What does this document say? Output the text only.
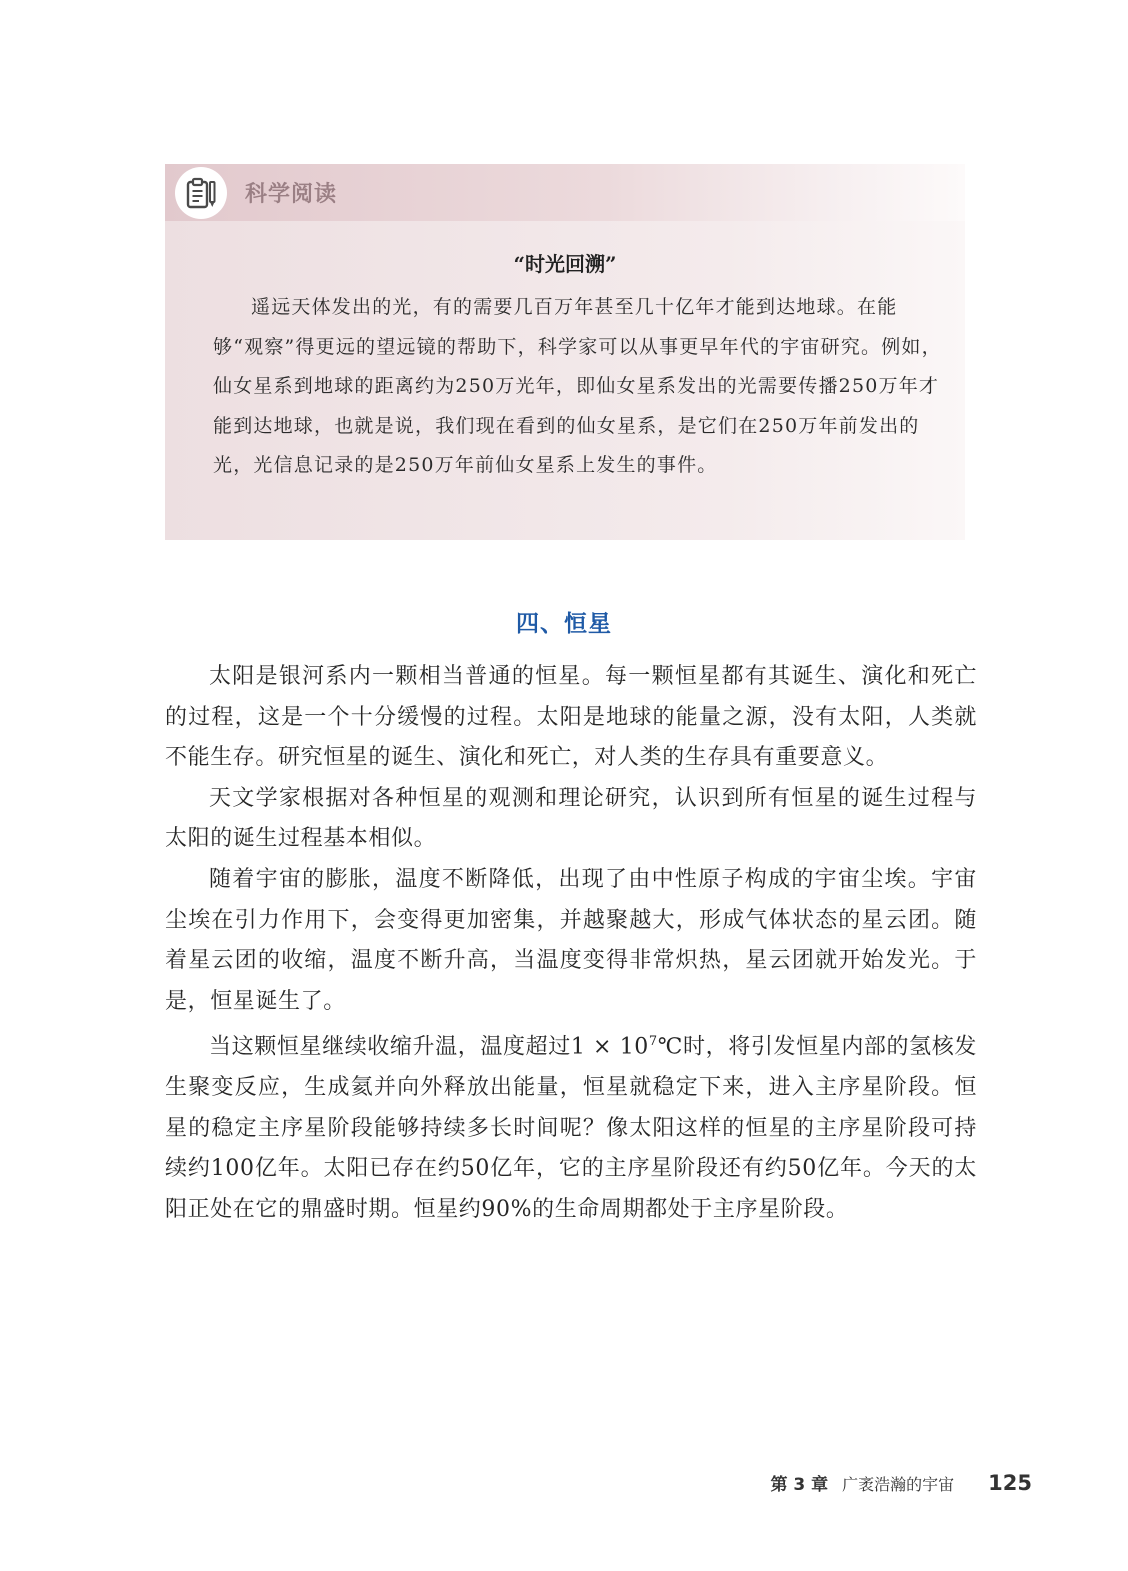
科学阅读
“时光回溯”

遥远天体发出的光，有的需要几百万年甚至几十亿年才能到达地球。在能够“观察”得更远的望远镜的帮助下，科学家可以从事更早年代的宇宙研究。例如，仙女星系到地球的距离约为250万光年，即仙女星系发出的光需要传播250万年才能到达地球，也就是说，我们现在看到的仙女星系，是它们在250万年前发出的光，光信息记录的是250万年前仙女星系上发生的事件。

四、恒星

太阳是银河系内一颗相当普通的恒星。每一颗恒星都有其诞生、演化和死亡的过程，这是一个十分缓慢的过程。太阳是地球的能量之源，没有太阳，人类就不能生存。研究恒星的诞生、演化和死亡，对人类的生存具有重要意义。

天文学家根据对各种恒星的观测和理论研究，认识到所有恒星的诞生过程与太阳的诞生过程基本相似。

随着宇宙的膨胀，温度不断降低，出现了由中性原子构成的宇宙尘埃。宇宙尘埃在引力作用下，会变得更加密集，并越聚越大，形成气体状态的星云团。随着星云团的收缩，温度不断升高，当温度变得非常炽热，星云团就开始发光。于是，恒星诞生了。

当这颗恒星继续收缩升温，温度超过$1 \times 10^7℃$时，将引发恒星内部的氢核发生聚变反应，生成氦并向外释放出能量，恒星就稳定下来，进入主序星阶段。恒星的稳定主序星阶段能够持续多长时间呢？像太阳这样的恒星的主序星阶段可持续约100亿年。太阳已存在约50亿年，它的主序星阶段还有约50亿年。今天的太阳正处在它的鼎盛时期。恒星约90%的生命周期都处于主序星阶段。

第 3 章 广袤浩瀚的宇宙 125
